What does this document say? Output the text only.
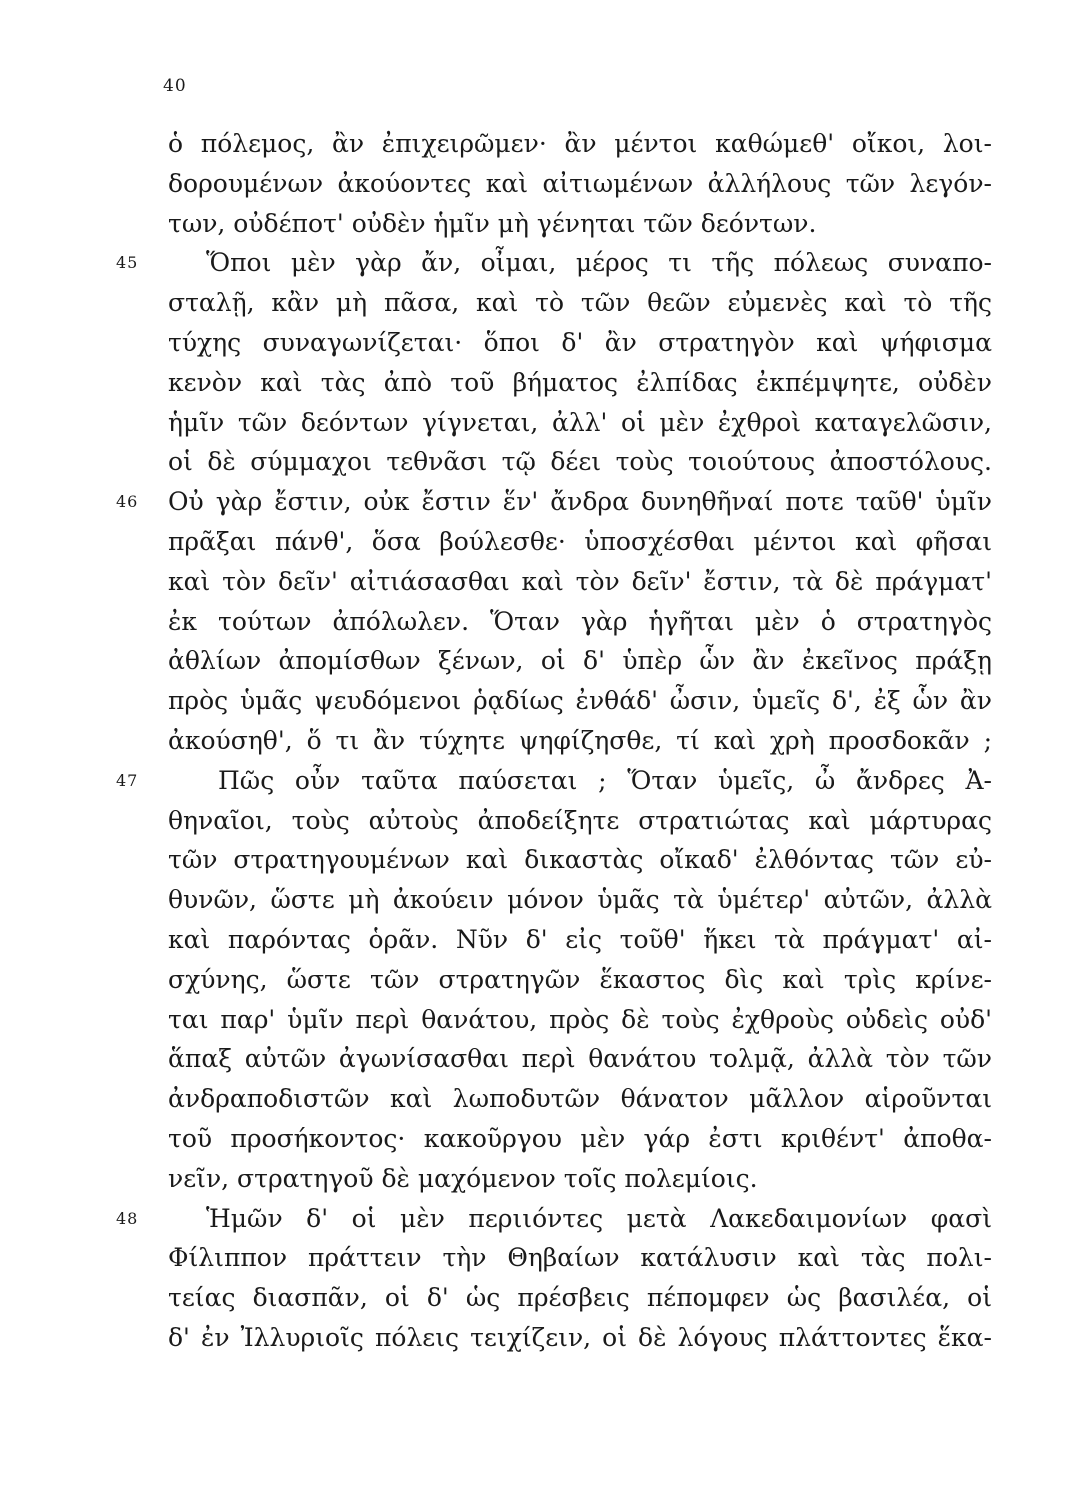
40
ὁ πόλεμος, ἂν ἐπιχειρῶμεν· ἂν μέντοι καθώμεθ' οἴκοι, λοι-
δορουμένων ἀκούοντες καὶ αἰτιωμένων ἀλλήλους τῶν λεγόν-
των, οὐδέποτ' οὐδὲν ἡμῖν μὴ γένηται τῶν δεόντων.
45	Ὅποι μὲν γὰρ ἄν, οἶμαι, μέρος τι τῆς πόλεως συναπο-
σταλῇ, κἂν μὴ πᾶσα, καὶ τὸ τῶν θεῶν εὐμενὲς καὶ τὸ τῆς
τύχης συναγωνίζεται· ὅποι δ' ἂν στρατηγὸν καὶ ψήφισμα
κενὸν καὶ τὰς ἀπὸ τοῦ βήματος ἐλπίδας ἐκπέμψητε, οὐδὲν
ἡμῖν τῶν δεόντων γίγνεται, ἀλλ' οἱ μὲν ἐχθροὶ καταγελῶσιν,
οἱ δὲ σύμμαχοι τεθνᾶσι τῷ δέει τοὺς τοιούτους ἀποστόλους.
46 Οὐ γὰρ ἔστιν, οὐκ ἔστιν ἕν' ἄνδρα δυνηθῆναί ποτε ταῦθ' ὑμῖν
πρᾶξαι πάνθ', ὅσα βούλεσθε· ὑποσχέσθαι μέντοι καὶ φῆσαι
καὶ τὸν δεῖν' αἰτιάσασθαι καὶ τὸν δεῖν' ἔστιν, τὰ δὲ πράγματ'
ἐκ τούτων ἀπόλωλεν. Ὅταν γὰρ ἡγῆται μὲν ὁ στρατηγὸς
ἀθλίων ἀπομίσθων ξένων, οἱ δ' ὑπὲρ ὧν ἂν ἐκεῖνος πράξῃ
πρὸς ὑμᾶς ψευδόμενοι ῥᾳδίως ἐνθάδ' ὦσιν, ὑμεῖς δ', ἐξ ὧν ἂν
ἀκούσηθ', ὅ τι ἂν τύχητε ψηφίζησθε, τί καὶ χρὴ προσδοκᾶν ;
47	Πῶς οὖν ταῦτα παύσεται ; Ὅταν ὑμεῖς, ὦ ἄνδρες Ἀ-
θηναῖοι, τοὺς αὐτοὺς ἀποδείξητε στρατιώτας καὶ μάρτυρας
τῶν στρατηγουμένων καὶ δικαστὰς οἴκαδ' ἐλθόντας τῶν εὐ-
θυνῶν, ὥστε μὴ ἀκούειν μόνον ὑμᾶς τὰ ὑμέτερ' αὐτῶν, ἀλλὰ
καὶ παρόντας ὁρᾶν. Νῦν δ' εἰς τοῦθ' ἥκει τὰ πράγματ' αἰ-
σχύνης, ὥστε τῶν στρατηγῶν ἕκαστος δὶς καὶ τρὶς κρίνε-
ται παρ' ὑμῖν περὶ θανάτου, πρὸς δὲ τοὺς ἐχθροὺς οὐδεὶς οὐδ'
ἅπαξ αὐτῶν ἀγωνίσασθαι περὶ θανάτου τολμᾷ, ἀλλὰ τὸν τῶν
ἀνδραποδιστῶν καὶ λωποδυτῶν θάνατον μᾶλλον αἱροῦνται
τοῦ προσήκοντος· κακοῦργου μὲν γάρ ἐστι κριθέντ' ἀποθα-
νεῖν, στρατηγοῦ δὲ μαχόμενον τοῖς πολεμίοις.
48	Ἡμῶν δ' οἱ μὲν περιιόντες μετὰ Λακεδαιμονίων φασὶ
Φίλιππον πράττειν τὴν Θηβαίων κατάλυσιν καὶ τὰς πολι-
τείας διασπᾶν, οἱ δ' ὡς πρέσβεις πέπομφεν ὡς βασιλέα, οἱ
δ' ἐν Ἰλλυριοῖς πόλεις τειχίζειν, οἱ δὲ λόγους πλάττοντες ἕκα-
